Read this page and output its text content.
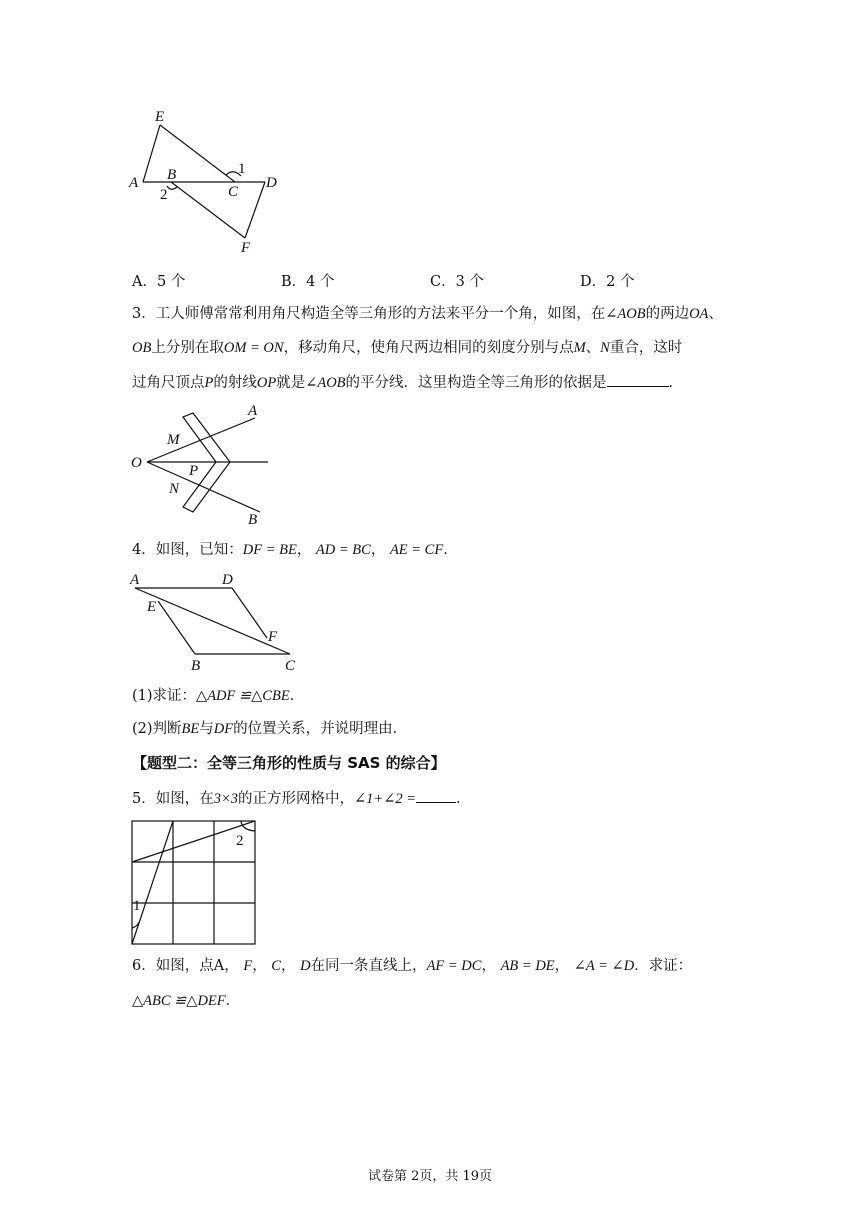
E
A B
C
D
F
1
2
A．5 个	B．4 个	C．3 个	D．2 个
3．工人师傅常常利用角尺构造全等三角形的方法来平分一个角，如图，在∠AOB的两边OA、
OB上分别在取OM = ON，移动角尺，使角尺两边相同的刻度分别与点M、N重合，这时
过角尺顶点P的射线OP就是∠AOB的平分线．这里构造全等三角形的依据是	．
A
M
O	P
N
B
4．如图，已知：DF = BE， AD = BC， AE = CF．
A	D
E
F
B	C
(1)求证：△ADF ≌△CBE．
(2)判断BE与DF的位置关系，并说明理由．
【题型二：全等三角形的性质与 SAS 的综合】
5．如图，在3×3的正方形网格中，∠1+∠2 =	．
1
2
6．如图，点A， F， C， D在同一条直线上，AF = DC， AB = DE， ∠A = ∠D．求证：
△ABC ≌△DEF．
试卷第 2页，共 19页
